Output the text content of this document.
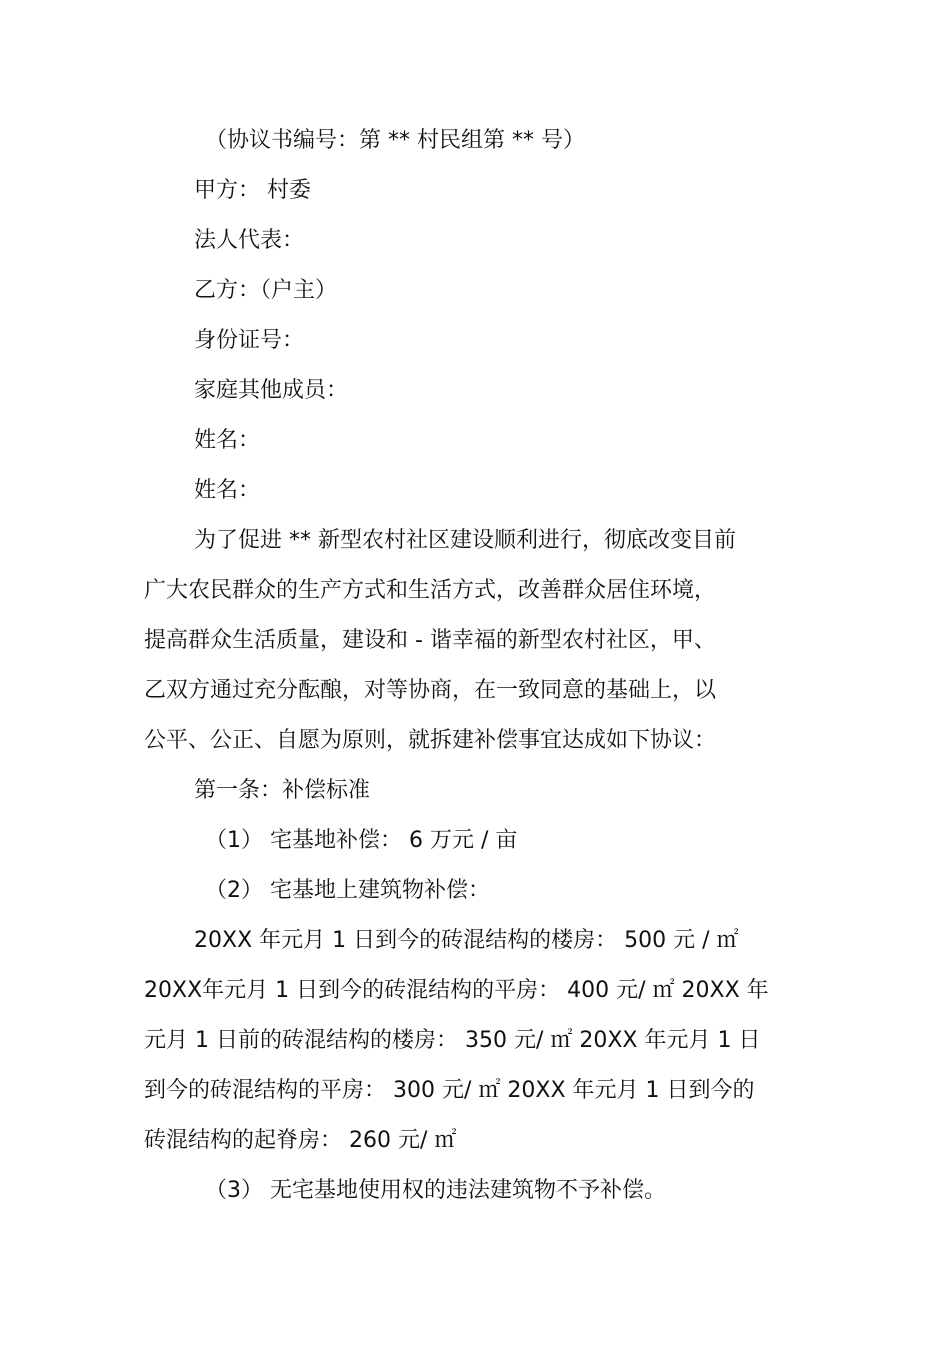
（协议书编号：第 ** 村民组第 ** 号）
甲方： 村委
法人代表：
乙方：（户主）
身份证号：
家庭其他成员：
姓名：
姓名：
为了促进 ** 新型农村社区建设顺利进行，彻底改变目前
广大农民群众的生产方式和生活方式，改善群众居住环境，
提高群众生活质量，建设和 - 谐幸福的新型农村社区，甲、
乙双方通过充分酝酿，对等协商，在一致同意的基础上，以
公平、公正、自愿为原则，就拆建补偿事宜达成如下协议：
第一条：补偿标准
（1） 宅基地补偿： 6 万元 / 亩
（2） 宅基地上建筑物补偿：
20XX 年元月 1 日到今的砖混结构的楼房： 500 元 / ㎡
20XX年元月 1 日到今的砖混结构的平房： 400 元/ ㎡ 20XX 年
元月 1 日前的砖混结构的楼房： 350 元/ ㎡ 20XX 年元月 1 日
到今的砖混结构的平房： 300 元/ ㎡ 20XX 年元月 1 日到今的
砖混结构的起脊房： 260 元/ ㎡
（3） 无宅基地使用权的违法建筑物不予补偿。
